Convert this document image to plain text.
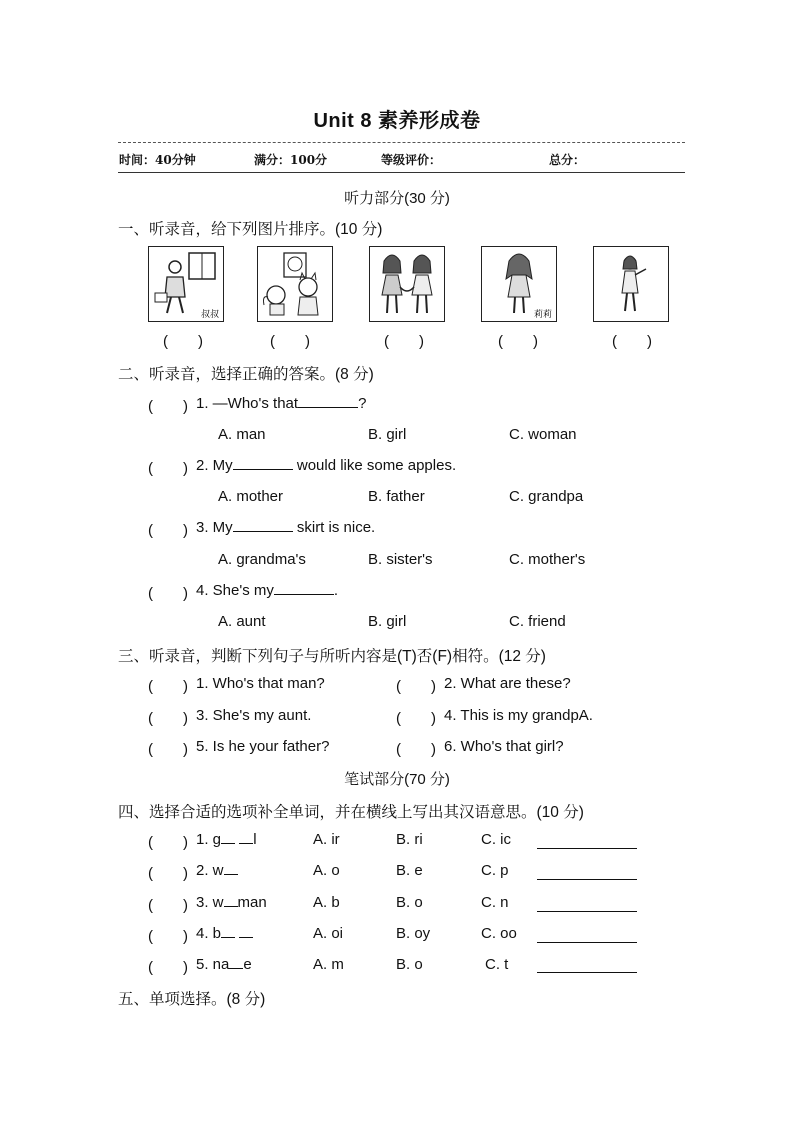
Unit 8 素养形成卷
时间：40分钟	满分：100分	等级评价：	总分：
听力部分(30 分)
一、听录音，给下列图片排序。(10 分)
叔叔	莉莉
(　　)	(　　)	(　　)	(　　)	(　　)
二、听录音，选择正确的答案。(8 分)
(　　) 1. —Who's that	?
A. man	B. girl	C. woman
(　　) 2. My	would like some apples.
A. mother	B. father	C. grandpa
(　　) 3. My	skirt is nice.
A. grandma's	B. sister's	C. mother's
(　　) 4. She's my	.
A. aunt	B. girl	C. friend
三、听录音，判断下列句子与所听内容是(T)否(F)相符。(12 分)
(　　) 1. Who's that man?	(　　) 2. What are these?
(　　) 3. She's my aunt.	(　　) 4. This is my grandpA.
(　　) 5. Is he your father?	(　　) 6. Who's that girl?
笔试部分(70 分)
四、选择合适的选项补全单词，并在横线上写出其汉语意思。(10 分)
(　　) 1. g l	A. ir	B. ri	C. ic
(　　) 2. w	A. o	B. e	C. p
(　　) 3. w man	A. b	B. o	C. n
(　　) 4. b	A. oi	B. oy	C. oo
(　　) 5. na e	A. m	B. o	C. t
五、单项选择。(8 分)
